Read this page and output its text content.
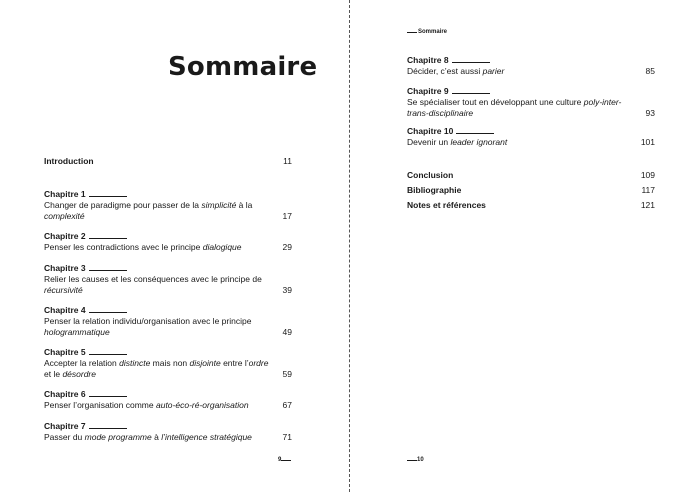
Sommaire
Introduction	11
Chapitre 1
Changer de paradigme pour passer de la simplicité à la complexité	17
Chapitre 2
Penser les contradictions avec le principe dialogique	29
Chapitre 3
Relier les causes et les conséquences avec le principe de récursivité	39
Chapitre 4
Penser la relation individu/organisation avec le principe hologrammatique	49
Chapitre 5
Accepter la relation distincte mais non disjointe entre l’ordre et le désordre	59
Chapitre 6
Penser l’organisation comme auto-éco-ré-organisation	67
Chapitre 7
Passer du mode programme à l’intelligence stratégique	71
9
Sommaire
Chapitre 8
Décider, c’est aussi parier	85
Chapitre 9
Se spécialiser tout en développant une culture poly-inter-trans-disciplinaire	93
Chapitre 10
Devenir un leader ignorant	101
Conclusion	109
Bibliographie	117
Notes et références	121
10
